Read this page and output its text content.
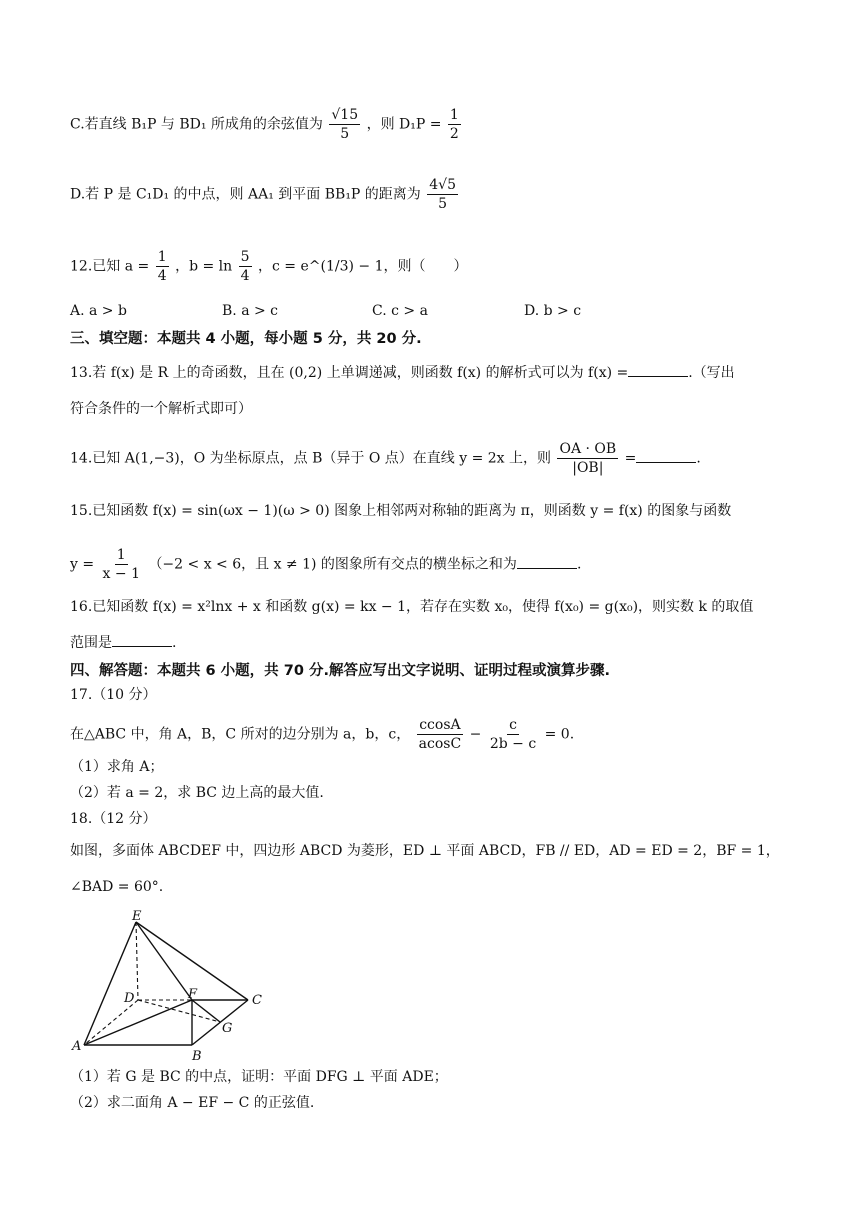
C.若直线 B₁P 与 BD₁ 所成角的余弦值为 $\frac{√15}{5}$ ，则 $D_1P = \frac{1}{2}$
D.若 P 是 C₁D₁ 的中点，则 AA₁ 到平面 BB₁P 的距离为 $\frac{4√5}{5}$
12.已知 $a = \frac{1}{4}$ ，$b = \ln \frac{5}{4}$ ，c = e^(1/3) − 1，则（　　）
A. a > b	B. a > c	C. c > a	D. b > c
三、填空题：本题共 4 小题，每小题 5 分，共 20 分.
13.若 f(x) 是 R 上的奇函数，且在 (0,2) 上单调递减，则函数 f(x) 的解析式可以为 f(x) =	.（写出
符合条件的一个解析式即可）
14.已知 A(1,−3)，O 为坐标原点，点 B（异于 O 点）在直线 y = 2x 上，则 $\frac{OA \cdot OB}{|OB|}$ =	.
15.已知函数 f(x) = sin(ωx − 1)(ω > 0) 图象上相邻两对称轴的距离为 π，则函数 y = f(x) 的图象与函数
$y = \frac{1}{x - 1} (-2 < x < 6$，且 x ≠ 1) 的图象所有交点的横坐标之和为	.
16.已知函数 f(x) = x²lnx + x 和函数 g(x) = kx − 1，若存在实数 x₀，使得 f(x₀) = g(x₀)，则实数 k 的取值
范围是	.
四、解答题：本题共 6 小题，共 70 分.解答应写出文字说明、证明过程或演算步骤.
17.（10 分）
在△ABC 中，角 A，B，C 所对的边分别为 a，b，c， $\frac{ccosA}{acosC} - \frac{c}{2b - c} = 0$.
（1）求角 A；
（2）若 a = 2，求 BC 边上高的最大值.
18.（12 分）
如图，多面体 ABCDEF 中，四边形 ABCD 为菱形，ED ⊥ 平面 ABCD，FB // ED，AD = ED = 2，BF = 1，
∠BAD = 60°.
E
D	F	C
G
A
B
（1）若 G 是 BC 的中点，证明：平面 DFG ⊥ 平面 ADE；
（2）求二面角 A − EF − C 的正弦值.
